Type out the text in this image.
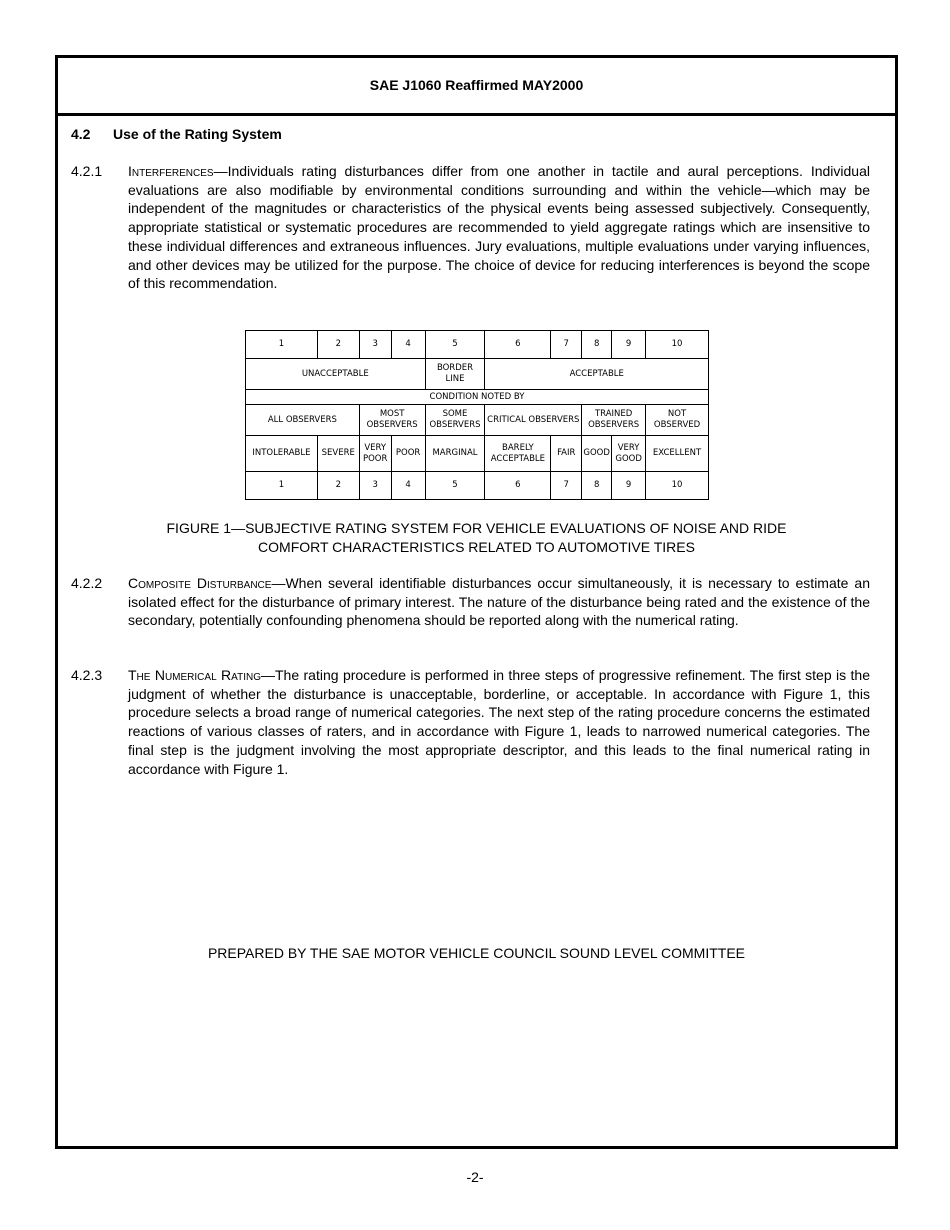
SAE J1060 Reaffirmed MAY2000
4.2 Use of the Rating System
4.2.1 Interferences—Individuals rating disturbances differ from one another in tactile and aural perceptions. Individual evaluations are also modifiable by environmental conditions surrounding and within the vehicle—which may be independent of the magnitudes or characteristics of the physical events being assessed subjectively. Consequently, appropriate statistical or systematic procedures are recommended to yield aggregate ratings which are insensitive to these individual differences and extraneous influences. Jury evaluations, multiple evaluations under varying influences, and other devices may be utilized for the purpose. The choice of device for reducing interferences is beyond the scope of this recommendation.
1	2	3	4	5	6	7	8	9	10
UNACCEPTABLE				BORDER LINE	ACCEPTABLE				
CONDITION NOTED BY									
ALL OBSERVERS		MOST OBSERVERS		SOME OBSERVERS	CRITICAL OBSERVERS		TRAINED OBSERVERS		NOT OBSERVED
INTOLERABLE	SEVERE	VERY POOR	POOR	MARGINAL	BARELY ACCEPTABLE	FAIR	GOOD	VERY GOOD	EXCELLENT
1	2	3	4	5	6	7	8	9	10
FIGURE 1—SUBJECTIVE RATING SYSTEM FOR VEHICLE EVALUATIONS OF NOISE AND RIDE
COMFORT CHARACTERISTICS RELATED TO AUTOMOTIVE TIRES
4.2.2 Composite Disturbance—When several identifiable disturbances occur simultaneously, it is necessary to estimate an isolated effect for the disturbance of primary interest. The nature of the disturbance being rated and the existence of the secondary, potentially confounding phenomena should be reported along with the numerical rating.
4.2.3 The Numerical Rating—The rating procedure is performed in three steps of progressive refinement. The first step is the judgment of whether the disturbance is unacceptable, borderline, or acceptable. In accordance with Figure 1, this procedure selects a broad range of numerical categories. The next step of the rating procedure concerns the estimated reactions of various classes of raters, and in accordance with Figure 1, leads to narrowed numerical categories. The final step is the judgment involving the most appropriate descriptor, and this leads to the final numerical rating in accordance with Figure 1.
PREPARED BY THE SAE MOTOR VEHICLE COUNCIL SOUND LEVEL COMMITTEE
-2-
